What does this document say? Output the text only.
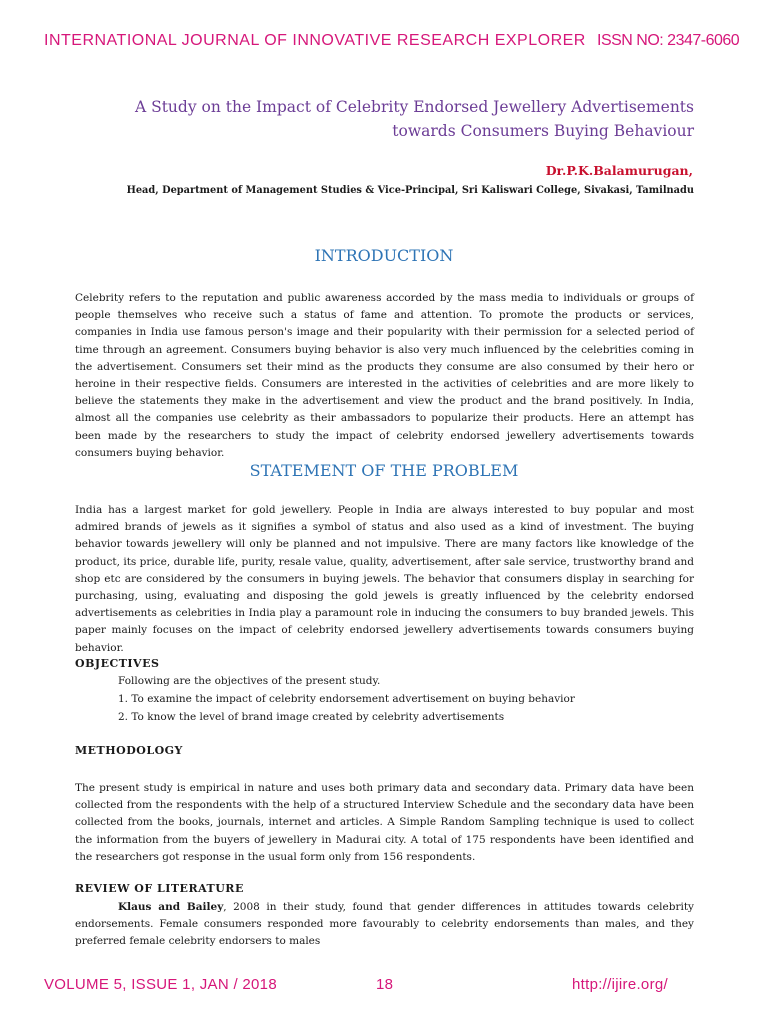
INTERNATIONAL JOURNAL OF INNOVATIVE RESEARCH EXPLORER ISSN NO: 2347-6060
A Study on the Impact of Celebrity Endorsed Jewellery Advertisements
towards Consumers Buying Behaviour
Dr.P.K.Balamurugan,
Head, Department of Management Studies & Vice-Principal, Sri Kaliswari College, Sivakasi, Tamilnadu
INTRODUCTION

Celebrity refers to the reputation and public awareness accorded by the mass media to individuals or groups of people themselves who receive such a status of fame and attention. To promote the products or services, companies in India use famous person's image and their popularity with their permission for a selected period of time through an agreement. Consumers buying behavior is also very much influenced by the celebrities coming in the advertisement. Consumers set their mind as the products they consume are also consumed by their hero or heroine in their respective fields. Consumers are interested in the activities of celebrities and are more likely to believe the statements they make in the advertisement and view the product and the brand positively. In India, almost all the companies use celebrity as their ambassadors to popularize their products. Here an attempt has been made by the researchers to study the impact of celebrity endorsed jewellery advertisements towards consumers buying behavior.

STATEMENT OF THE PROBLEM

India has a largest market for gold jewellery. People in India are always interested to buy popular and most admired brands of jewels as it signifies a symbol of status and also used as a kind of investment. The buying behavior towards jewellery will only be planned and not impulsive. There are many factors like knowledge of the product, its price, durable life, purity, resale value, quality, advertisement, after sale service, trustworthy brand and shop etc are considered by the consumers in buying jewels. The behavior that consumers display in searching for purchasing, using, evaluating and disposing the gold jewels is greatly influenced by the celebrity endorsed advertisements as celebrities in India play a paramount role in inducing the consumers to buy branded jewels. This paper mainly focuses on the impact of celebrity endorsed jewellery advertisements towards consumers buying behavior.

OBJECTIVES
Following are the objectives of the present study.
1. To examine the impact of celebrity endorsement advertisement on buying behavior
2. To know the level of brand image created by celebrity advertisements
METHODOLOGY

The present study is empirical in nature and uses both primary data and secondary data. Primary data have been collected from the respondents with the help of a structured Interview Schedule and the secondary data have been collected from the books, journals, internet and articles. A Simple Random Sampling technique is used to collect the information from the buyers of jewellery in Madurai city. A total of 175 respondents have been identified and the researchers got response in the usual form only from 156 respondents.

REVIEW OF LITERATURE

Klaus and Bailey, 2008 in their study, found that gender differences in attitudes towards celebrity endorsements. Female consumers responded more favourably to celebrity endorsements than males, and they preferred female celebrity endorsers to males

VOLUME 5, ISSUE 1, JAN / 2018	18	http://ijire.org/
